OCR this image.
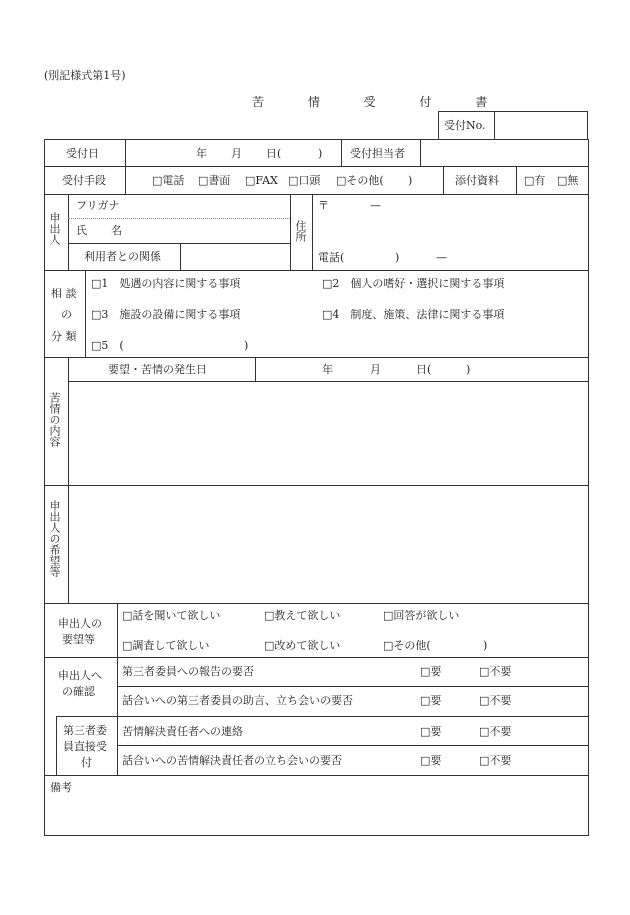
(別記様式第1号)
苦 情 受 付 書
受付No.
受付日	年 月 日(	)	受付担当者
受付手段	□電話 □書面 □FAX □口頭 □その他( )	添付資料 □有 □無
申出人
フリガナ
氏 名
利用者との関係
住所
〒	—
電話(	)	—
相 談
の
分 類
□1　処遇の内容に関する事項	□2　個人の嗜好・選択に関する事項
□3　施設の設備に関する事項	□4　制度、施策、法律に関する事項
□5　(	)
要望・苦情の発生日	年	月	日(	)
苦情の内容
申出人の希望等
申出人の
要望等
□話を聞いて欲しい	□教えて欲しい	□回答が欲しい
□調査して欲しい	□改めて欲しい	□その他(	)
申出人へ
の確認
第三者委員への報告の要否	□要	□不要
話合いへの第三者委員の助言、立ち会いの要否	□要	□不要
第三者委
員直接受
付
苦情解決責任者への連絡	□要	□不要
話合いへの苦情解決責任者の立ち会いの要否	□要	□不要
備考
